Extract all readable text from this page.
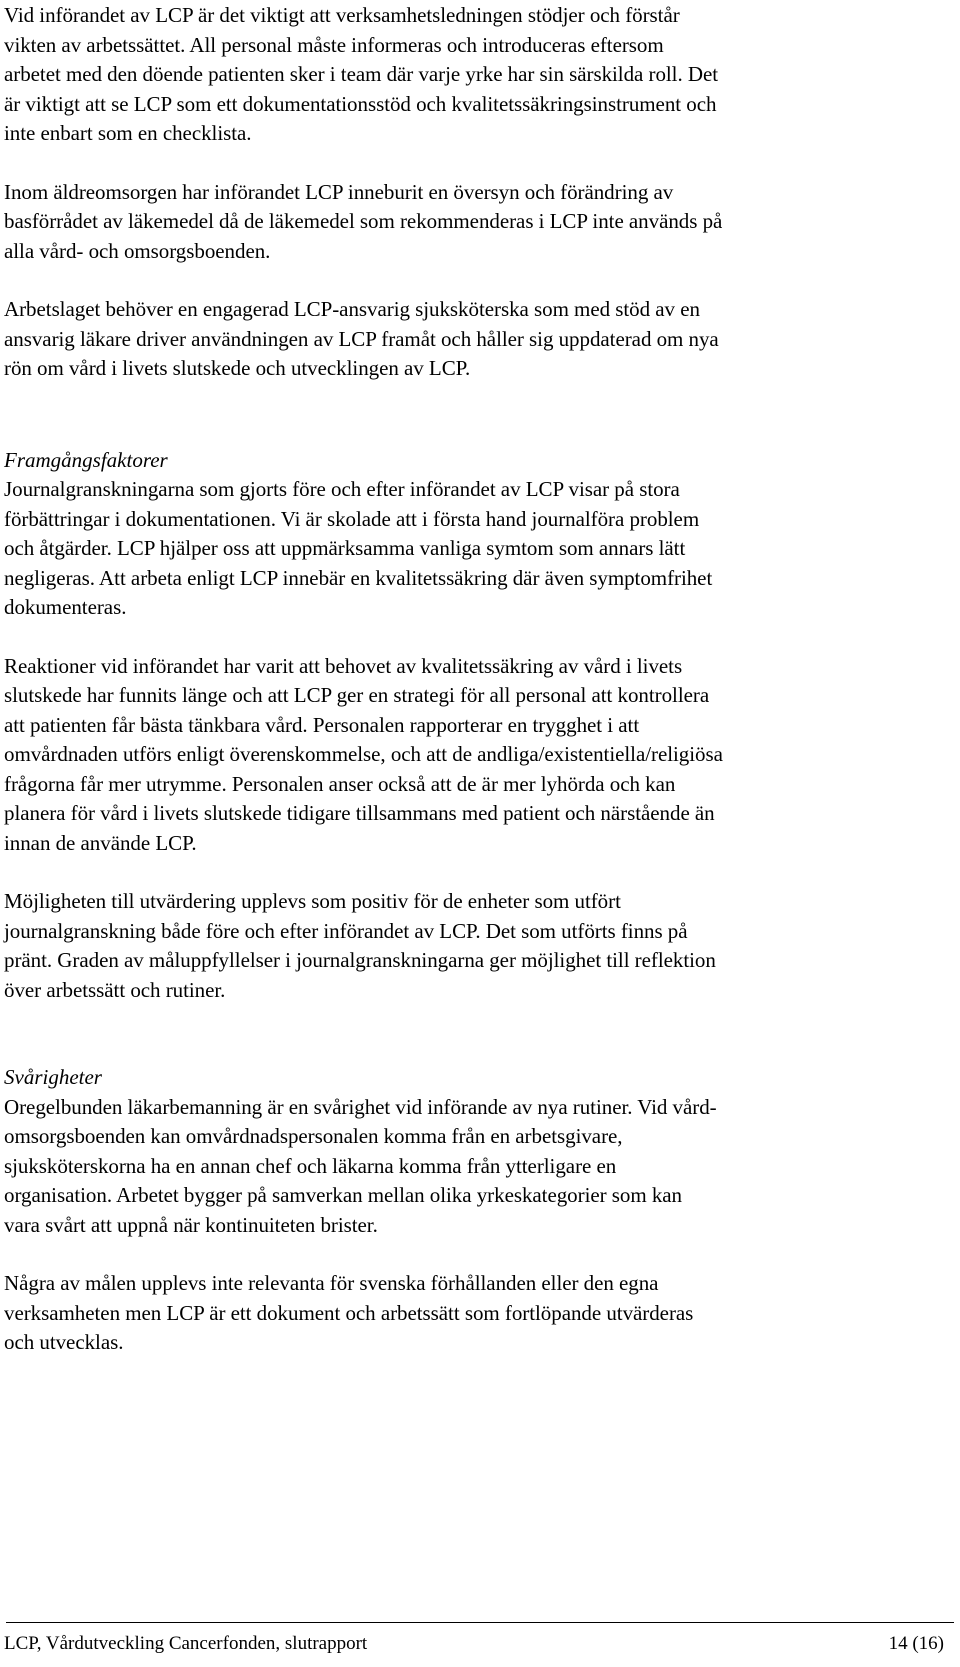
Vid införandet av LCP är det viktigt att verksamhetsledningen stödjer och förstår
vikten av arbetssättet. All personal måste informeras och introduceras eftersom
arbetet med den döende patienten sker i team där varje yrke har sin särskilda roll. Det
är viktigt att se LCP som ett dokumentationsstöd och kvalitetssäkringsinstrument och
inte enbart som en checklista.

Inom äldreomsorgen har införandet LCP inneburit en översyn och förändring av
basförrådet av läkemedel då de läkemedel som rekommenderas i LCP inte används på
alla vård- och omsorgsboenden.

Arbetslaget behöver en engagerad LCP-ansvarig sjuksköterska som med stöd av en
ansvarig läkare driver användningen av LCP framåt och håller sig uppdaterad om nya
rön om vård i livets slutskede och utvecklingen av LCP.

Framgångsfaktorer

Journalgranskningarna som gjorts före och efter införandet av LCP visar på stora
förbättringar i dokumentationen. Vi är skolade att i första hand journalföra problem
och åtgärder. LCP hjälper oss att uppmärksamma vanliga symtom som annars lätt
negligeras. Att arbeta enligt LCP innebär en kvalitetssäkring där även symptomfrihet
dokumenteras.

Reaktioner vid införandet har varit att behovet av kvalitetssäkring av vård i livets
slutskede har funnits länge och att LCP ger en strategi för all personal att kontrollera
att patienten får bästa tänkbara vård. Personalen rapporterar en trygghet i att
omvårdnaden utförs enligt överenskommelse, och att de andliga/existentiella/religiösa
frågorna får mer utrymme. Personalen anser också att de är mer lyhörda och kan
planera för vård i livets slutskede tidigare tillsammans med patient och närstående än
innan de använde LCP.

Möjligheten till utvärdering upplevs som positiv för de enheter som utfört
journalgranskning både före och efter införandet av LCP. Det som utförts finns på
pränt. Graden av måluppfyllelser i journalgranskningarna ger möjlighet till reflektion
över arbetssätt och rutiner.

Svårigheter

Oregelbunden läkarbemanning är en svårighet vid införande av nya rutiner. Vid vård-
omsorgsboenden kan omvårdnadspersonalen komma från en arbetsgivare,
sjuksköterskorna ha en annan chef och läkarna komma från ytterligare en
organisation. Arbetet bygger på samverkan mellan olika yrkeskategorier som kan
vara svårt att uppnå när kontinuiteten brister.

Några av målen upplevs inte relevanta för svenska förhållanden eller den egna
verksamheten men LCP är ett dokument och arbetssätt som fortlöpande utvärderas
och utvecklas.

LCP, Vårdutveckling Cancerfonden, slutrapport	14 (16)
